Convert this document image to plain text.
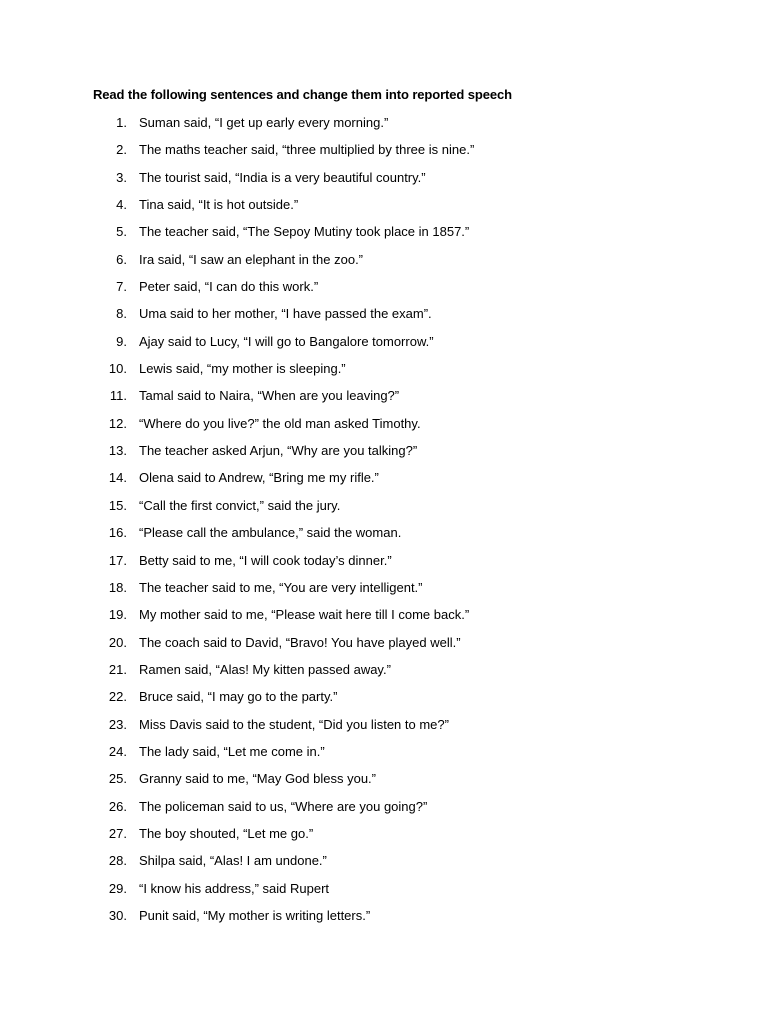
Read the following sentences and change them into reported speech
1. Suman said, “I get up early every morning.”
2. The maths teacher said, “three multiplied by three is nine.”
3. The tourist said, “India is a very beautiful country.”
4. Tina said, “It is hot outside.”
5. The teacher said, “The Sepoy Mutiny took place in 1857.”
6. Ira said, “I saw an elephant in the zoo.”
7. Peter said, “I can do this work.”
8. Uma said to her mother, “I have passed the exam”.
9. Ajay said to Lucy, “I will go to Bangalore tomorrow.”
10. Lewis said, “my mother is sleeping.”
11. Tamal said to Naira, “When are you leaving?”
12. “Where do you live?” the old man asked Timothy.
13. The teacher asked Arjun, “Why are you talking?”
14. Olena said to Andrew, “Bring me my rifle.”
15. “Call the first convict,” said the jury.
16. “Please call the ambulance,” said the woman.
17. Betty said to me, “I will cook today’s dinner.”
18. The teacher said to me, “You are very intelligent.”
19. My mother said to me, “Please wait here till I come back.”
20. The coach said to David, “Bravo! You have played well.”
21. Ramen said, “Alas! My kitten passed away.”
22. Bruce said, “I may go to the party.”
23. Miss Davis said to the student, “Did you listen to me?”
24. The lady said, “Let me come in.”
25. Granny said to me, “May God bless you.”
26. The policeman said to us, “Where are you going?”
27. The boy shouted, “Let me go.”
28. Shilpa said, “Alas! I am undone.”
29. “I know his address,” said Rupert
30. Punit said, “My mother is writing letters.”
